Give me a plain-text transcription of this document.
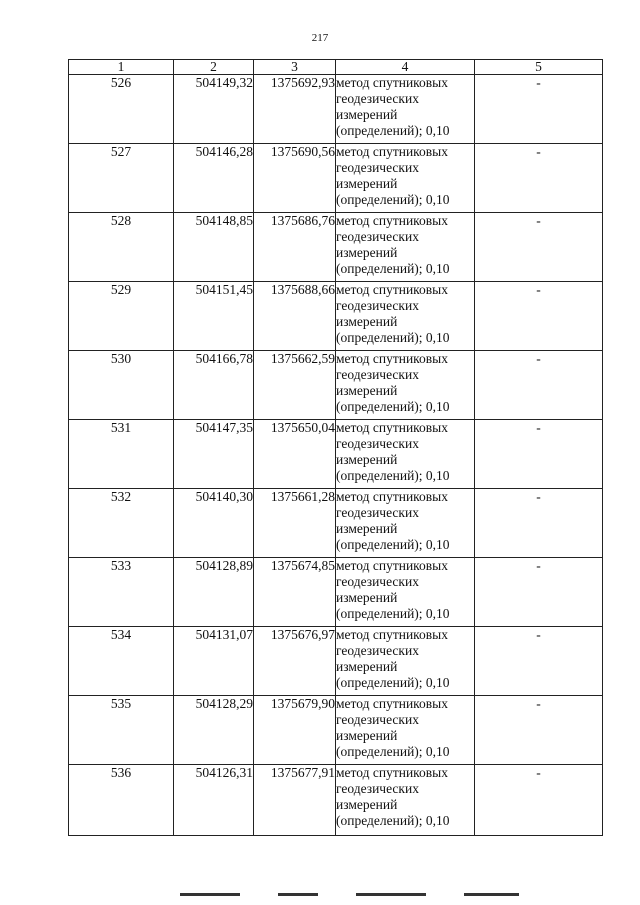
217
1	2	3	4	5
526	504149,32	1375692,93	метод спутниковых
геодезических
измерений
(определений); 0,10	-
527	504146,28	1375690,56	метод спутниковых
геодезических
измерений
(определений); 0,10	-
528	504148,85	1375686,76	метод спутниковых
геодезических
измерений
(определений); 0,10	-
529	504151,45	1375688,66	метод спутниковых
геодезических
измерений
(определений); 0,10	-
530	504166,78	1375662,59	метод спутниковых
геодезических
измерений
(определений); 0,10	-
531	504147,35	1375650,04	метод спутниковых
геодезических
измерений
(определений); 0,10	-
532	504140,30	1375661,28	метод спутниковых
геодезических
измерений
(определений); 0,10	-
533	504128,89	1375674,85	метод спутниковых
геодезических
измерений
(определений); 0,10	-
534	504131,07	1375676,97	метод спутниковых
геодезических
измерений
(определений); 0,10	-
535	504128,29	1375679,90	метод спутниковых
геодезических
измерений
(определений); 0,10	-
536	504126,31	1375677,91	метод спутниковых
геодезических
измерений
(определений); 0,10	-
